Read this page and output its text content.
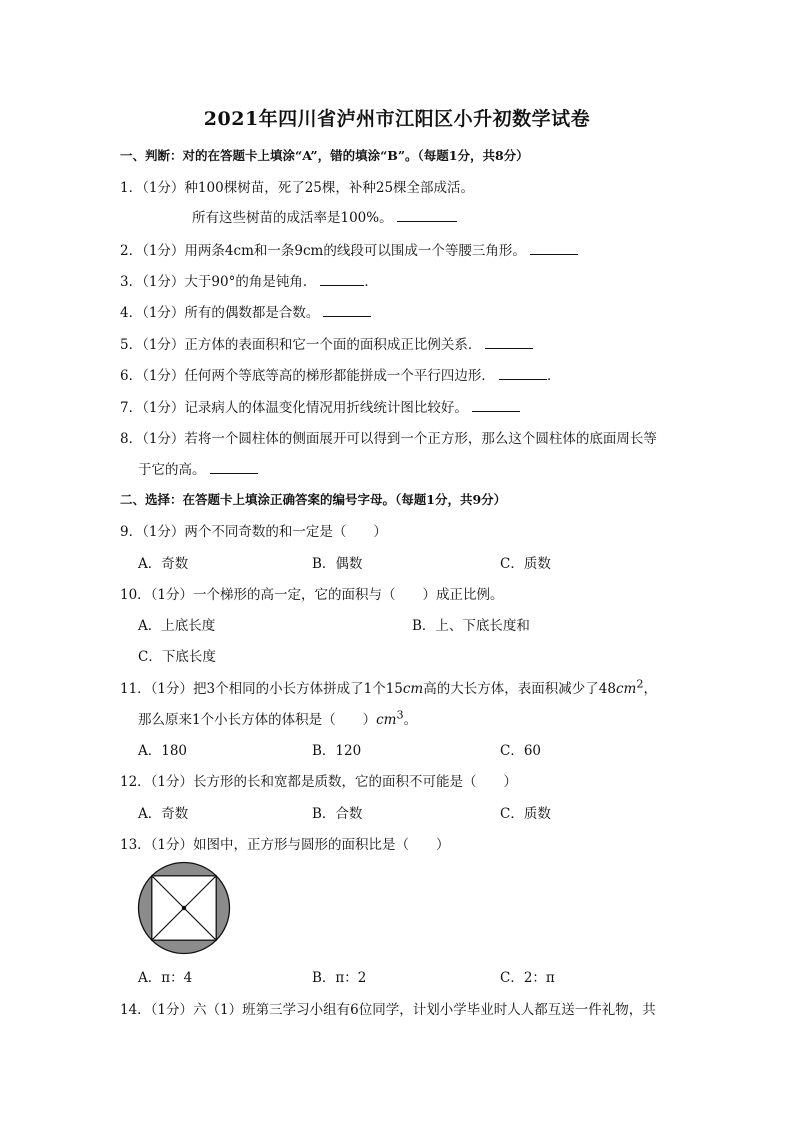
2021年四川省泸州市江阳区小升初数学试卷
一、判断：对的在答题卡上填涂“A”，错的填涂“B”。（每题1分，共8分）
1．（1分）种100棵树苗，死了25棵，补种25棵全部成活。
所有这些树苗的成活率是100%。
2．（1分）用两条4cm和一条9cm的线段可以围成一个等腰三角形。
3．（1分）大于90°的角是钝角．	．
4．（1分）所有的偶数都是合数。
5．（1分）正方体的表面积和它一个面的面积成正比例关系．
6．（1分）任何两个等底等高的梯形都能拼成一个平行四边形．	．
7．（1分）记录病人的体温变化情况用折线统计图比较好。
8．（1分）若将一个圆柱体的侧面展开可以得到一个正方形，那么这个圆柱体的底面周长等
于它的高。
二、选择：在答题卡上填涂正确答案的编号字母。（每题1分，共9分）
9．（1分）两个不同奇数的和一定是（　　）
A．奇数	B．偶数	C．质数
10．（1分）一个梯形的高一定，它的面积与（　　）成正比例。
A．上底长度	B．上、下底长度和
C．下底长度
11．（1分）把3个相同的小长方体拼成了1个15cm高的大长方体，表面积减少了$48cm^2$，
那么原来1个小长方体的体积是（　　）$cm^3$。
A．180	B．120	C．60
12．（1分）长方形的长和宽都是质数，它的面积不可能是（　　）
A．奇数	B．合数	C．质数
13．（1分）如图中，正方形与圆形的面积比是（　　）
A．π：4	B．π：2	C．2：π
14．（1分）六（1）班第三学习小组有6位同学，计划小学毕业时人人都互送一件礼物，共
